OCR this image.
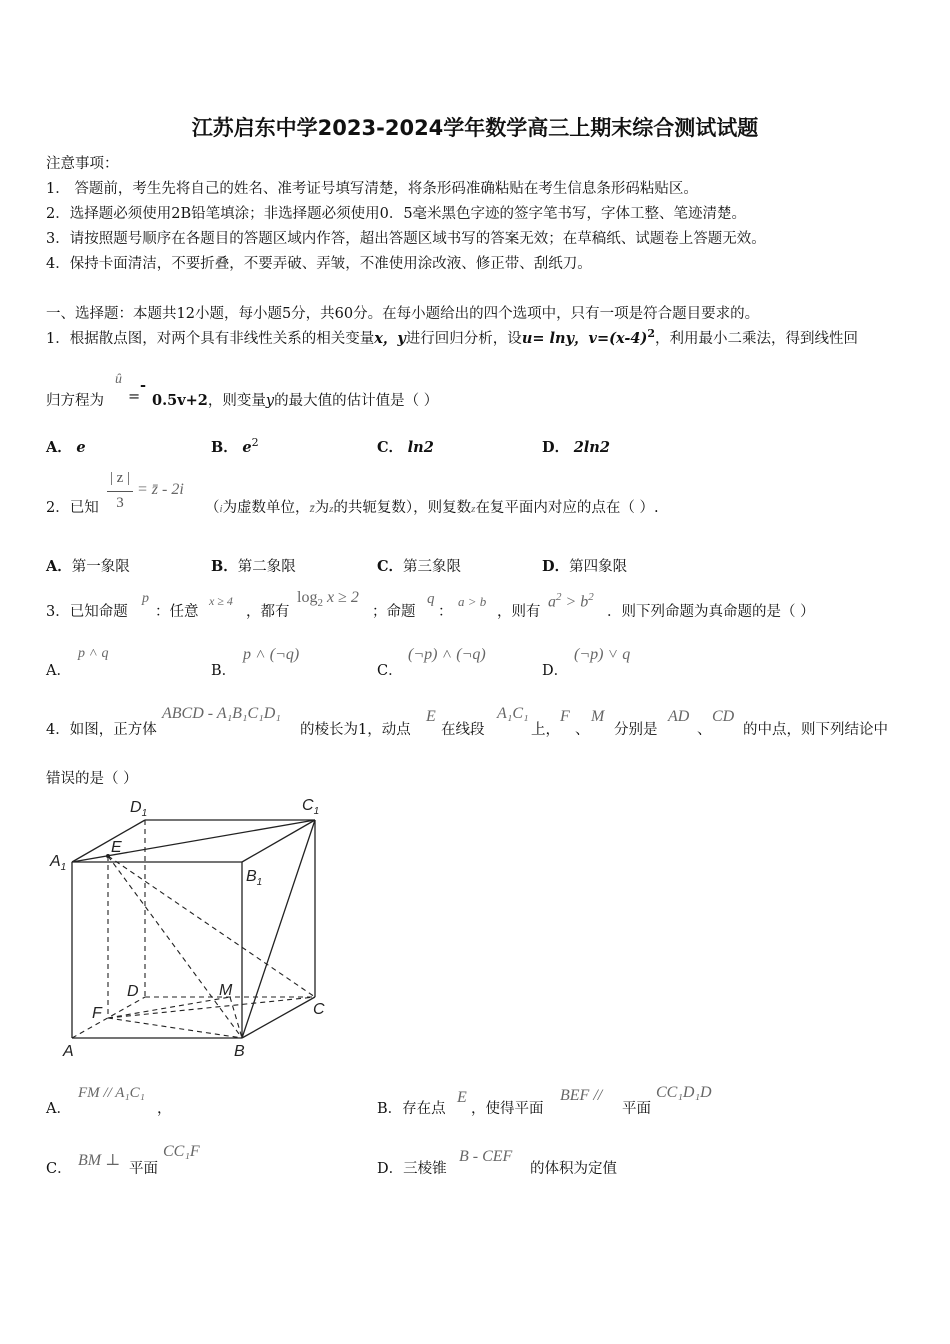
江苏启东中学2023-2024学年数学高三上期末综合测试试题
注意事项：
1． 答题前，考生先将自己的姓名、准考证号填写清楚，将条形码准确粘贴在考生信息条形码粘贴区。
2．选择题必须使用2B铅笔填涂；非选择题必须使用0．5毫米黑色字迹的签字笔书写，字体工整、笔迹清楚。
3．请按照题号顺序在各题目的答题区域内作答，超出答题区域书写的答案无效；在草稿纸、试题卷上答题无效。
4．保持卡面清洁，不要折叠，不要弄破、弄皱，不准使用涂改液、修正带、刮纸刀。
一、选择题：本题共12小题，每小题5分，共60分。在每小题给出的四个选项中，只有一项是符合题目要求的。
1．根据散点图，对两个具有非线性关系的相关变量x，y进行回归分析，设u= lny，$v=(x-4)^2$，利用最小二乘法，得到线性回
û
=
-
归方程为	0.5v+2，则变量y的最大值的估计值是（ ）
A． e	B． $e^2$	C． ln2	D． 2ln2
2．已知
| z |
3
= z̄ - 2i
（i为虚数单位，z̄为z的共轭复数），则复数z在复平面内对应的点在（ ）.
A．第一象限	B．第二象限	C．第三象限	D．第四象限
3．已知命题
p
：任意
x ≥ 4
，都有
$\log_2 x \ge 2$
；命题
q
：
a > b
，则有
$a^2 > b^2$
．则下列命题为真命题的是（ ）
A．
p ˄ q
B．
p ˄ (¬q)
C．
(¬p) ˄ (¬q)
D．
(¬p) ˅ q
4．如图，正方体
ABCD - A₁B₁C₁D₁
的棱长为1，动点
E
在线段
A₁C₁
上，
F
、
M
分别是
AD
、
CD
的中点，则下列结论中
错误的是（ ）
$D_1$	$C_1$
$A_1$
E
$B_1$
D	M
F	C
A	B
A．
FM // A₁C₁
，	B．存在点
E
，使得平面
BEF //
平面
CC₁D₁D
C． BM ⊥ 平面
CC₁F
D．三棱锥
B - CEF
的体积为定值
